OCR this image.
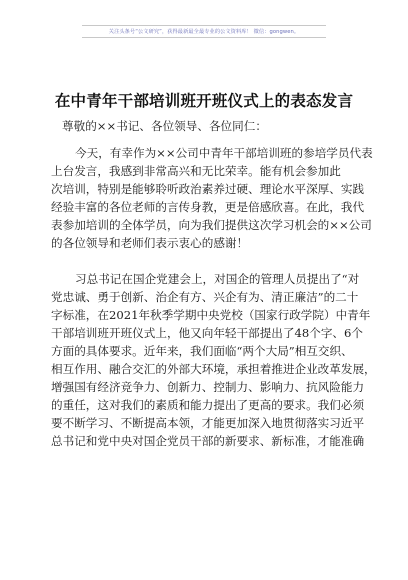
关注头条号“公文研究”，获得最新最全最专业的公文资料库！ 微信：gongwen。
在中青年干部培训班开班仪式上的表态发言
尊敬的××书记、各位领导、各位同仁：
今天，有幸作为××公司中青年干部培训班的参培学员代表
上台发言，我感到非常高兴和无比荣幸。能有机会参加此
次培训，特别是能够聆听政治素养过硬、理论水平深厚、实践
经验丰富的各位老师的言传身教，更是倍感欣喜。在此，我代
表参加培训的全体学员，向为我们提供这次学习机会的××公司
的各位领导和老师们表示衷心的感谢！
习总书记在国企党建会上，对国企的管理人员提出了“对
党忠诚、勇于创新、治企有方、兴企有为、清正廉洁”的二十
字标准，在2021年秋季学期中央党校（国家行政学院）中青年
干部培训班开班仪式上，他又向年轻干部提出了48个字、6个
方面的具体要求。近年来，我们面临“两个大局”相互交织、
相互作用、融合交汇的外部大环境，承担着推进企业改革发展，
增强国有经济竞争力、创新力、控制力、影响力、抗风险能力
的重任，这对我们的素质和能力提出了更高的要求。我们必须
要不断学习、不断提高本领，才能更加深入地贯彻落实习近平
总书记和党中央对国企党员干部的新要求、新标准，才能准确
